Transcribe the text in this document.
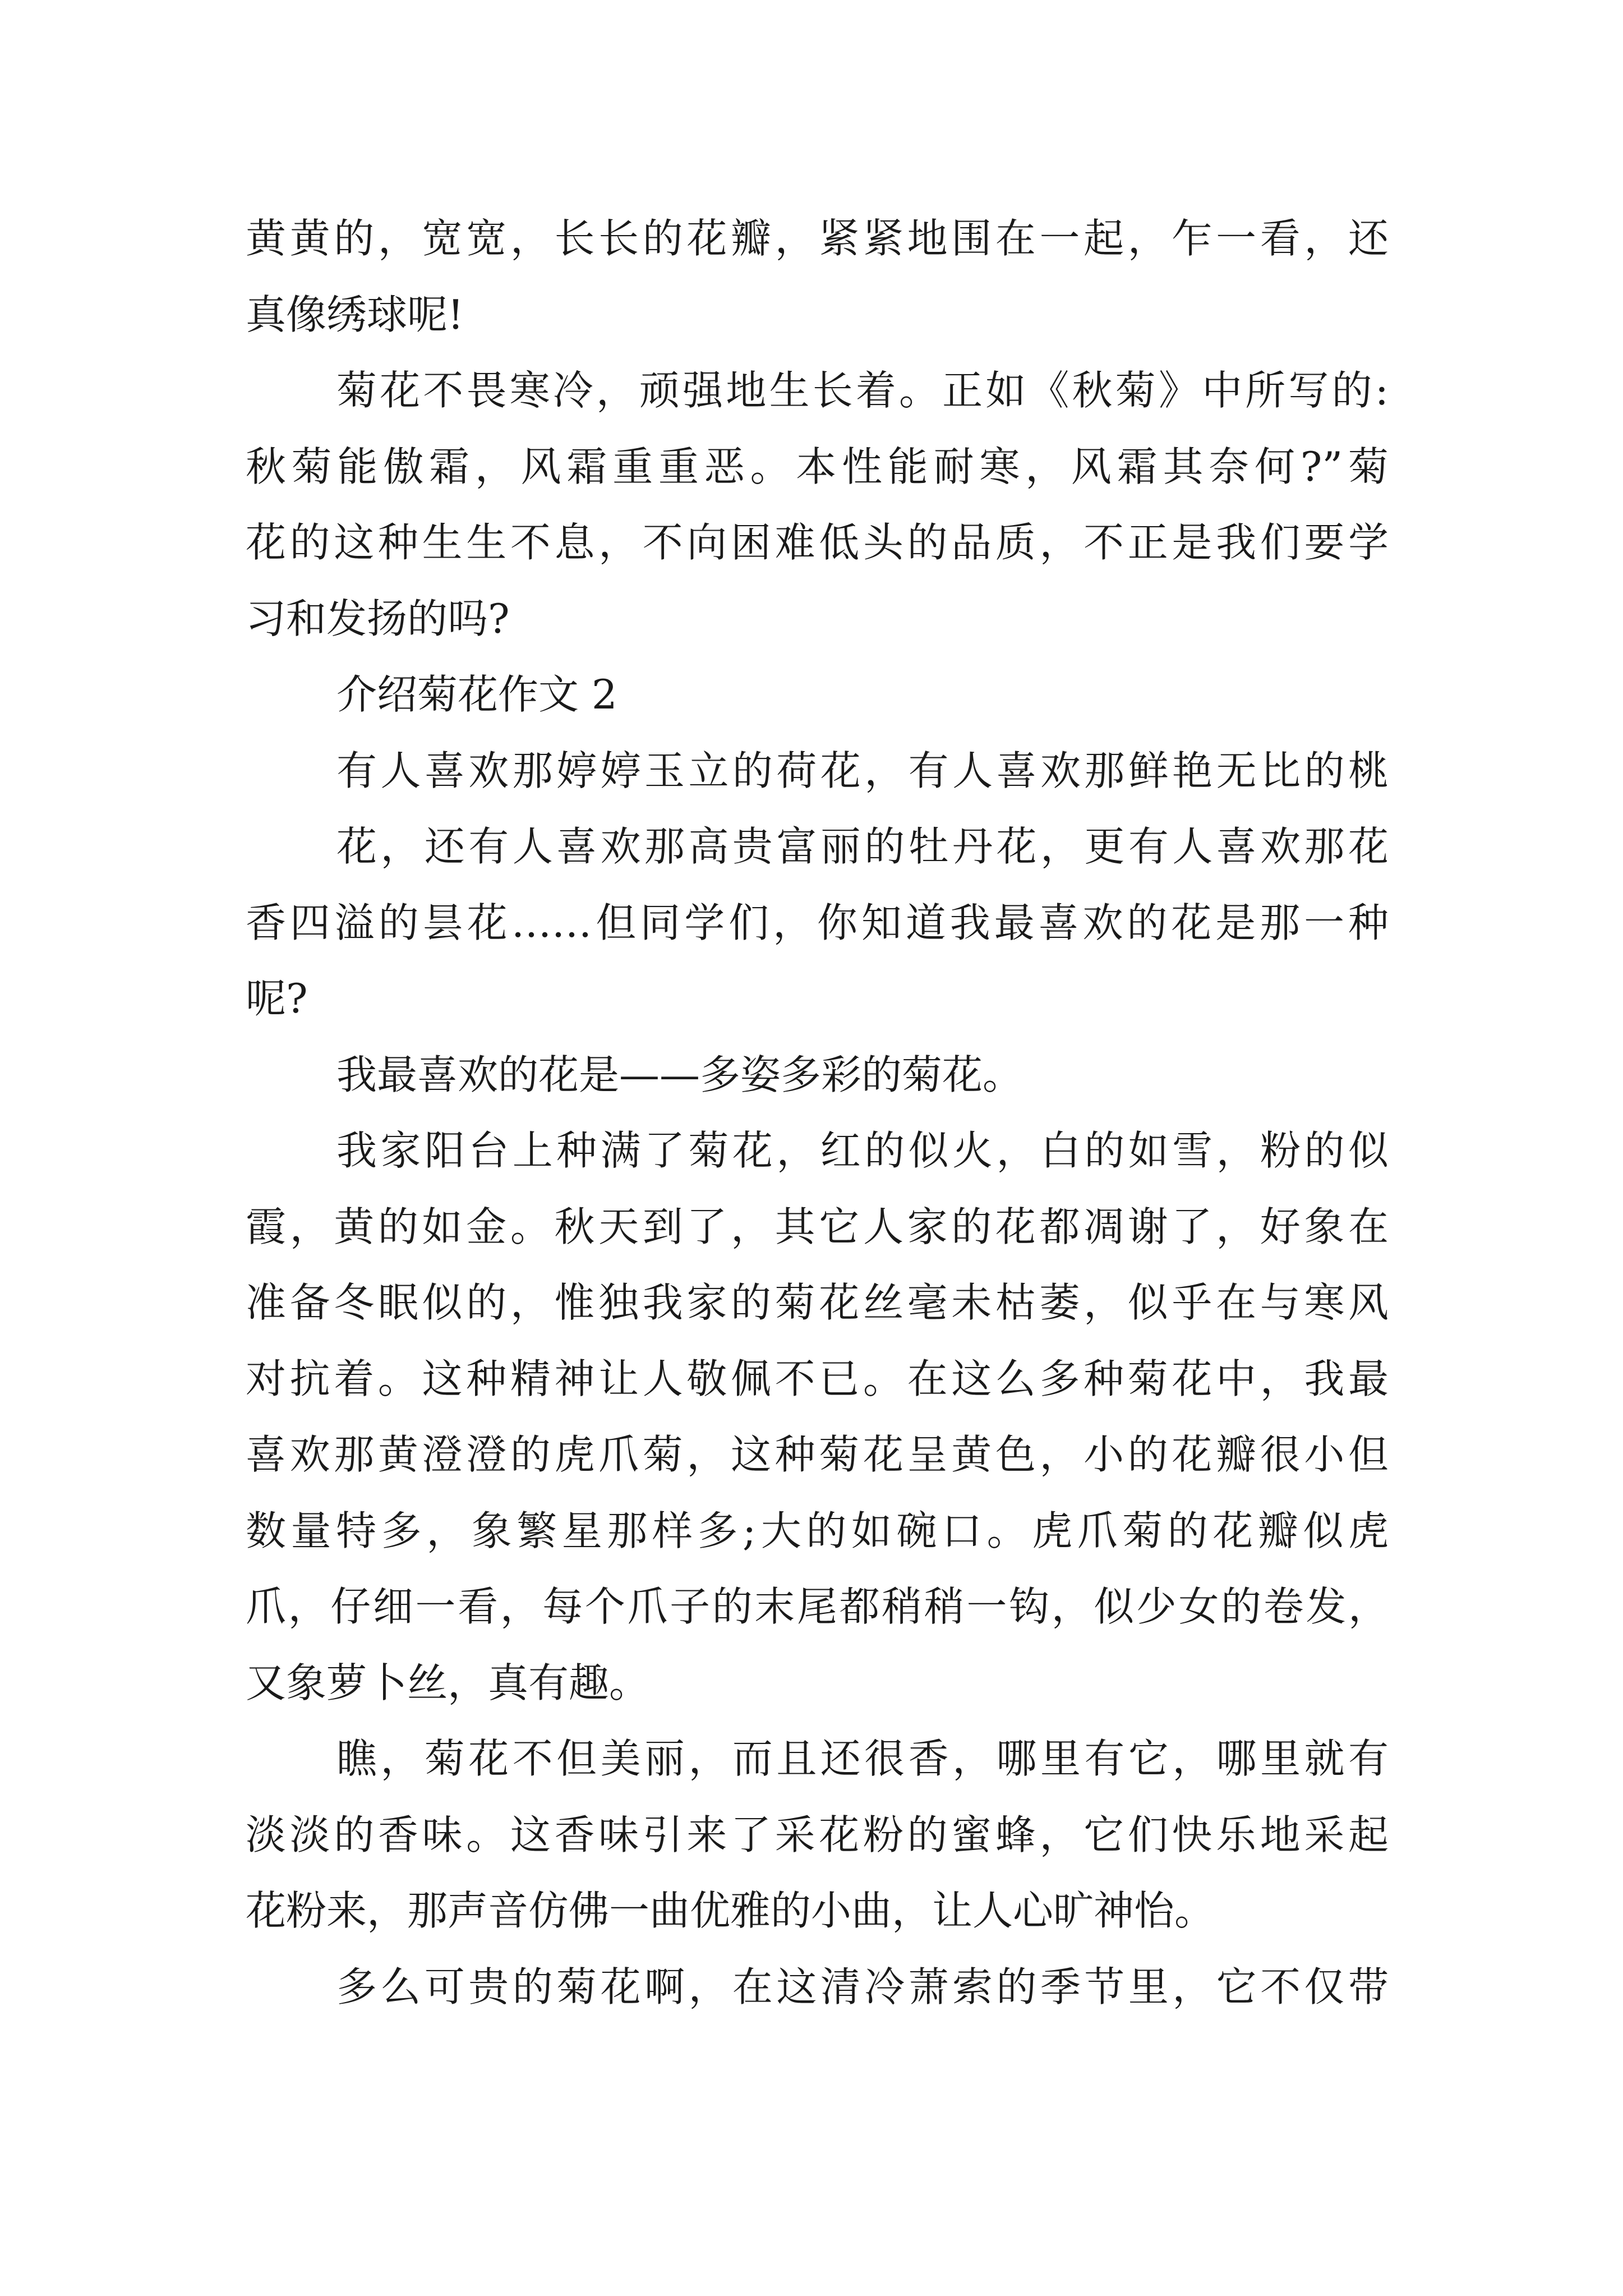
黄黄的，宽宽，长长的花瓣，紧紧地围在一起，乍一看，还
真像绣球呢!
菊花不畏寒冷，顽强地生长着。正如《秋菊》中所写的:
秋菊能傲霜，风霜重重恶。本性能耐寒，风霜其奈何?”菊
花的这种生生不息，不向困难低头的品质，不正是我们要学
习和发扬的吗?
介绍菊花作文 2
有人喜欢那婷婷玉立的荷花，有人喜欢那鲜艳无比的桃
花，还有人喜欢那高贵富丽的牡丹花，更有人喜欢那花
香四溢的昙花……但同学们，你知道我最喜欢的花是那一种
呢?
我最喜欢的花是——多姿多彩的菊花。
我家阳台上种满了菊花，红的似火，白的如雪，粉的似
霞，黄的如金。秋天到了，其它人家的花都凋谢了，好象在
准备冬眠似的，惟独我家的菊花丝毫未枯萎，似乎在与寒风
对抗着。这种精神让人敬佩不已。在这么多种菊花中，我最
喜欢那黄澄澄的虎爪菊，这种菊花呈黄色，小的花瓣很小但
数量特多，象繁星那样多;大的如碗口。虎爪菊的花瓣似虎
爪，仔细一看，每个爪子的末尾都稍稍一钩，似少女的卷发，
又象萝卜丝，真有趣。
瞧，菊花不但美丽，而且还很香，哪里有它，哪里就有
淡淡的香味。这香味引来了采花粉的蜜蜂，它们快乐地采起
花粉来，那声音仿佛一曲优雅的小曲，让人心旷神怡。
多么可贵的菊花啊，在这清冷萧索的季节里，它不仅带
